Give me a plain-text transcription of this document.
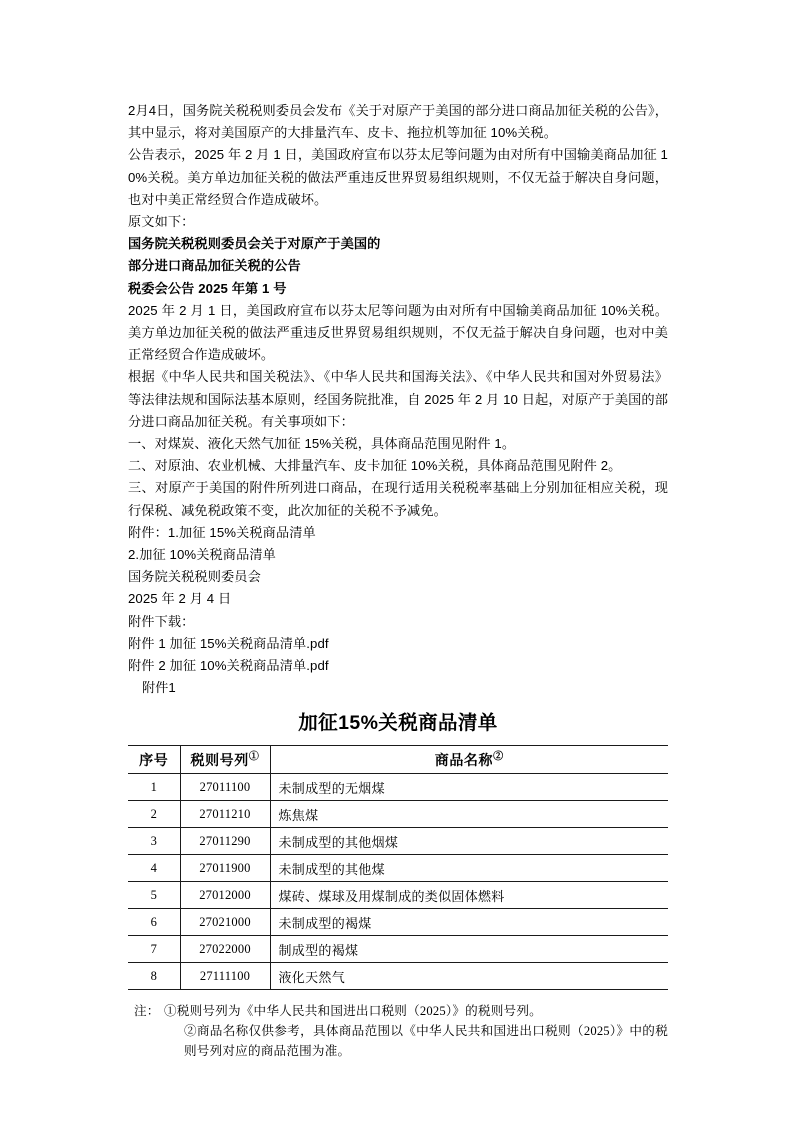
2月4日，国务院关税税则委员会发布《关于对原产于美国的部分进口商品加征关税的公告》，其中显示，将对美国原产的大排量汽车、皮卡、拖拉机等加征 10%关税。

公告表示，2025 年 2 月 1 日，美国政府宣布以芬太尼等问题为由对所有中国输美商品加征 10%关税。美方单边加征关税的做法严重违反世界贸易组织规则，不仅无益于解决自身问题，也对中美正常经贸合作造成破坏。

原文如下：

国务院关税税则委员会关于对原产于美国的

部分进口商品加征关税的公告

税委会公告 2025 年第 1 号

2025 年 2 月 1 日，美国政府宣布以芬太尼等问题为由对所有中国输美商品加征 10%关税。美方单边加征关税的做法严重违反世界贸易组织规则，不仅无益于解决自身问题，也对中美正常经贸合作造成破坏。

根据《中华人民共和国关税法》、《中华人民共和国海关法》、《中华人民共和国对外贸易法》等法律法规和国际法基本原则，经国务院批准，自 2025 年 2 月 10 日起，对原产于美国的部分进口商品加征关税。有关事项如下：

一、对煤炭、液化天然气加征 15%关税，具体商品范围见附件 1。

二、对原油、农业机械、大排量汽车、皮卡加征 10%关税，具体商品范围见附件 2。

三、对原产于美国的附件所列进口商品，在现行适用关税税率基础上分别加征相应关税，现行保税、减免税政策不变，此次加征的关税不予减免。

附件：1.加征 15%关税商品清单

2.加征 10%关税商品清单

国务院关税税则委员会

2025 年 2 月 4 日

附件下载：

附件 1 加征 15%关税商品清单.pdf

附件 2 加征 10%关税商品清单.pdf

附件1

加征15%关税商品清单
序号	税则号列①	商品名称②
1	27011100	未制成型的无烟煤
2	27011210	炼焦煤
3	27011290	未制成型的其他烟煤
4	27011900	未制成型的其他煤
5	27012000	煤砖、煤球及用煤制成的类似固体燃料
6	27021000	未制成型的褐煤
7	27022000	制成型的褐煤
8	27111100	液化天然气
注： ①税则号列为《中华人民共和国进出口税则（2025）》的税则号列。
②商品名称仅供参考，具体商品范围以《中华人民共和国进出口税则（2025）》中的税则号列对应的商品范围为准。
